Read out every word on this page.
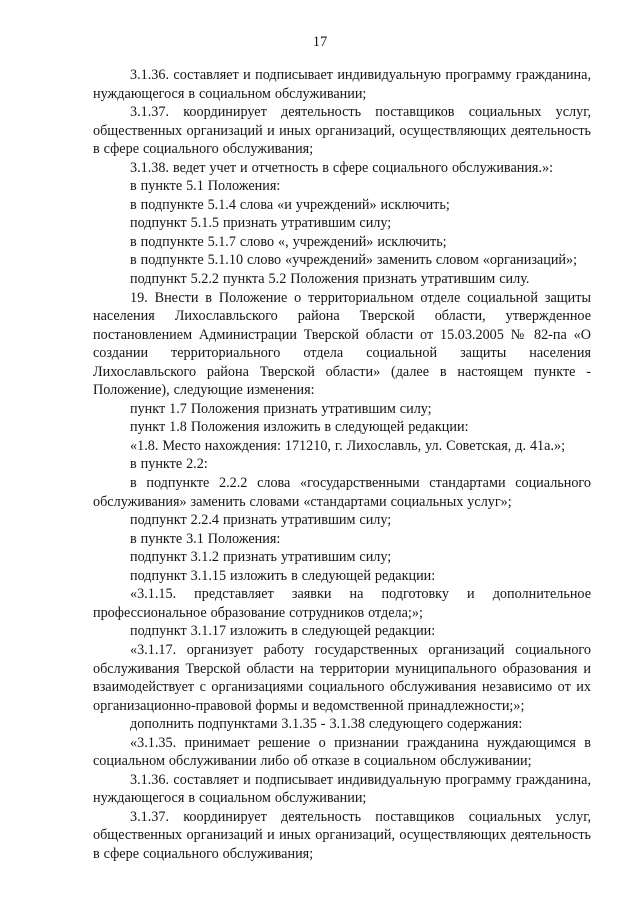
17

3.1.36. составляет и подписывает индивидуальную программу гражданина, нуждающегося в социальном обслуживании;

3.1.37. координирует деятельность поставщиков социальных услуг, общественных организаций и иных организаций, осуществляющих деятельность в сфере социального обслуживания;

3.1.38. ведет учет и отчетность в сфере социального обслуживания.»:

в пункте 5.1 Положения:

в подпункте 5.1.4 слова «и учреждений» исключить;

подпункт 5.1.5 признать утратившим силу;

в подпункте 5.1.7 слово «, учреждений» исключить;

в подпункте 5.1.10 слово «учреждений» заменить словом «организаций»;

подпункт 5.2.2 пункта 5.2 Положения признать утратившим силу.

19. Внести в Положение о территориальном отделе социальной защиты населения Лихославльского района Тверской области, утвержденное постановлением Администрации Тверской области от 15.03.2005 № 82-па «О создании территориального отдела социальной защиты населения Лихославльского района Тверской области» (далее в настоящем пункте - Положение), следующие изменения:

пункт 1.7 Положения признать утратившим силу;

пункт 1.8 Положения изложить в следующей редакции:

«1.8. Место нахождения: 171210, г. Лихославль, ул. Советская, д. 41а.»;

в пункте 2.2:

в подпункте 2.2.2 слова «государственными стандартами социального обслуживания» заменить словами «стандартами социальных услуг»;

подпункт 2.2.4 признать утратившим силу;

в пункте 3.1 Положения:

подпункт 3.1.2 признать утратившим силу;

подпункт 3.1.15 изложить в следующей редакции:

«3.1.15. представляет заявки на подготовку и дополнительное профессиональное образование сотрудников отдела;»;

подпункт 3.1.17 изложить в следующей редакции:

«3.1.17. организует работу государственных организаций социального обслуживания Тверской области на территории муниципального образования и взаимодействует с организациями социального обслуживания независимо от их организационно-правовой формы и ведомственной принадлежности;»;

дополнить подпунктами 3.1.35 - 3.1.38 следующего содержания:

«3.1.35. принимает решение о признании гражданина нуждающимся в социальном обслуживании либо об отказе в социальном обслуживании;

3.1.36. составляет и подписывает индивидуальную программу гражданина, нуждающегося в социальном обслуживании;

3.1.37. координирует деятельность поставщиков социальных услуг, общественных организаций и иных организаций, осуществляющих деятельность в сфере социального обслуживания;
